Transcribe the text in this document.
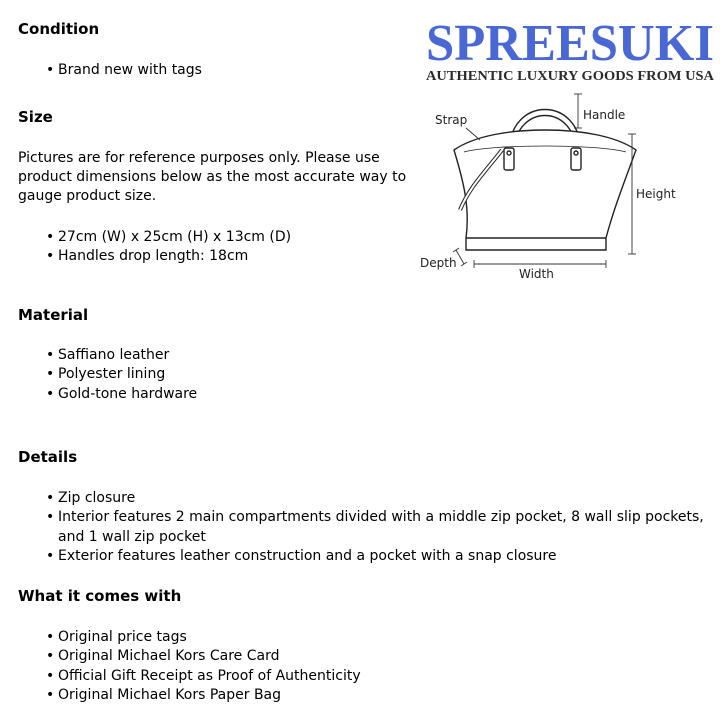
SPREESUKI
AUTHENTIC LUXURY GOODS FROM USA
Strap	Handle
Height
Depth
Width
Condition
• Brand new with tags
Size

Pictures are for reference purposes only. Please use product dimensions below as the most accurate way to gauge product size.

• 27cm (W) x 25cm (H) x 13cm (D)
• Handles drop length: 18cm
Material
• Saffiano leather
• Polyester lining
• Gold-tone hardware
Details
• Zip closure
• Interior features 2 main compartments divided with a middle zip pocket, 8 wall slip pockets, and 1 wall zip pocket
• Exterior features leather construction and a pocket with a snap closure
What it comes with
• Original price tags
• Original Michael Kors Care Card
• Official Gift Receipt as Proof of Authenticity
• Original Michael Kors Paper Bag
